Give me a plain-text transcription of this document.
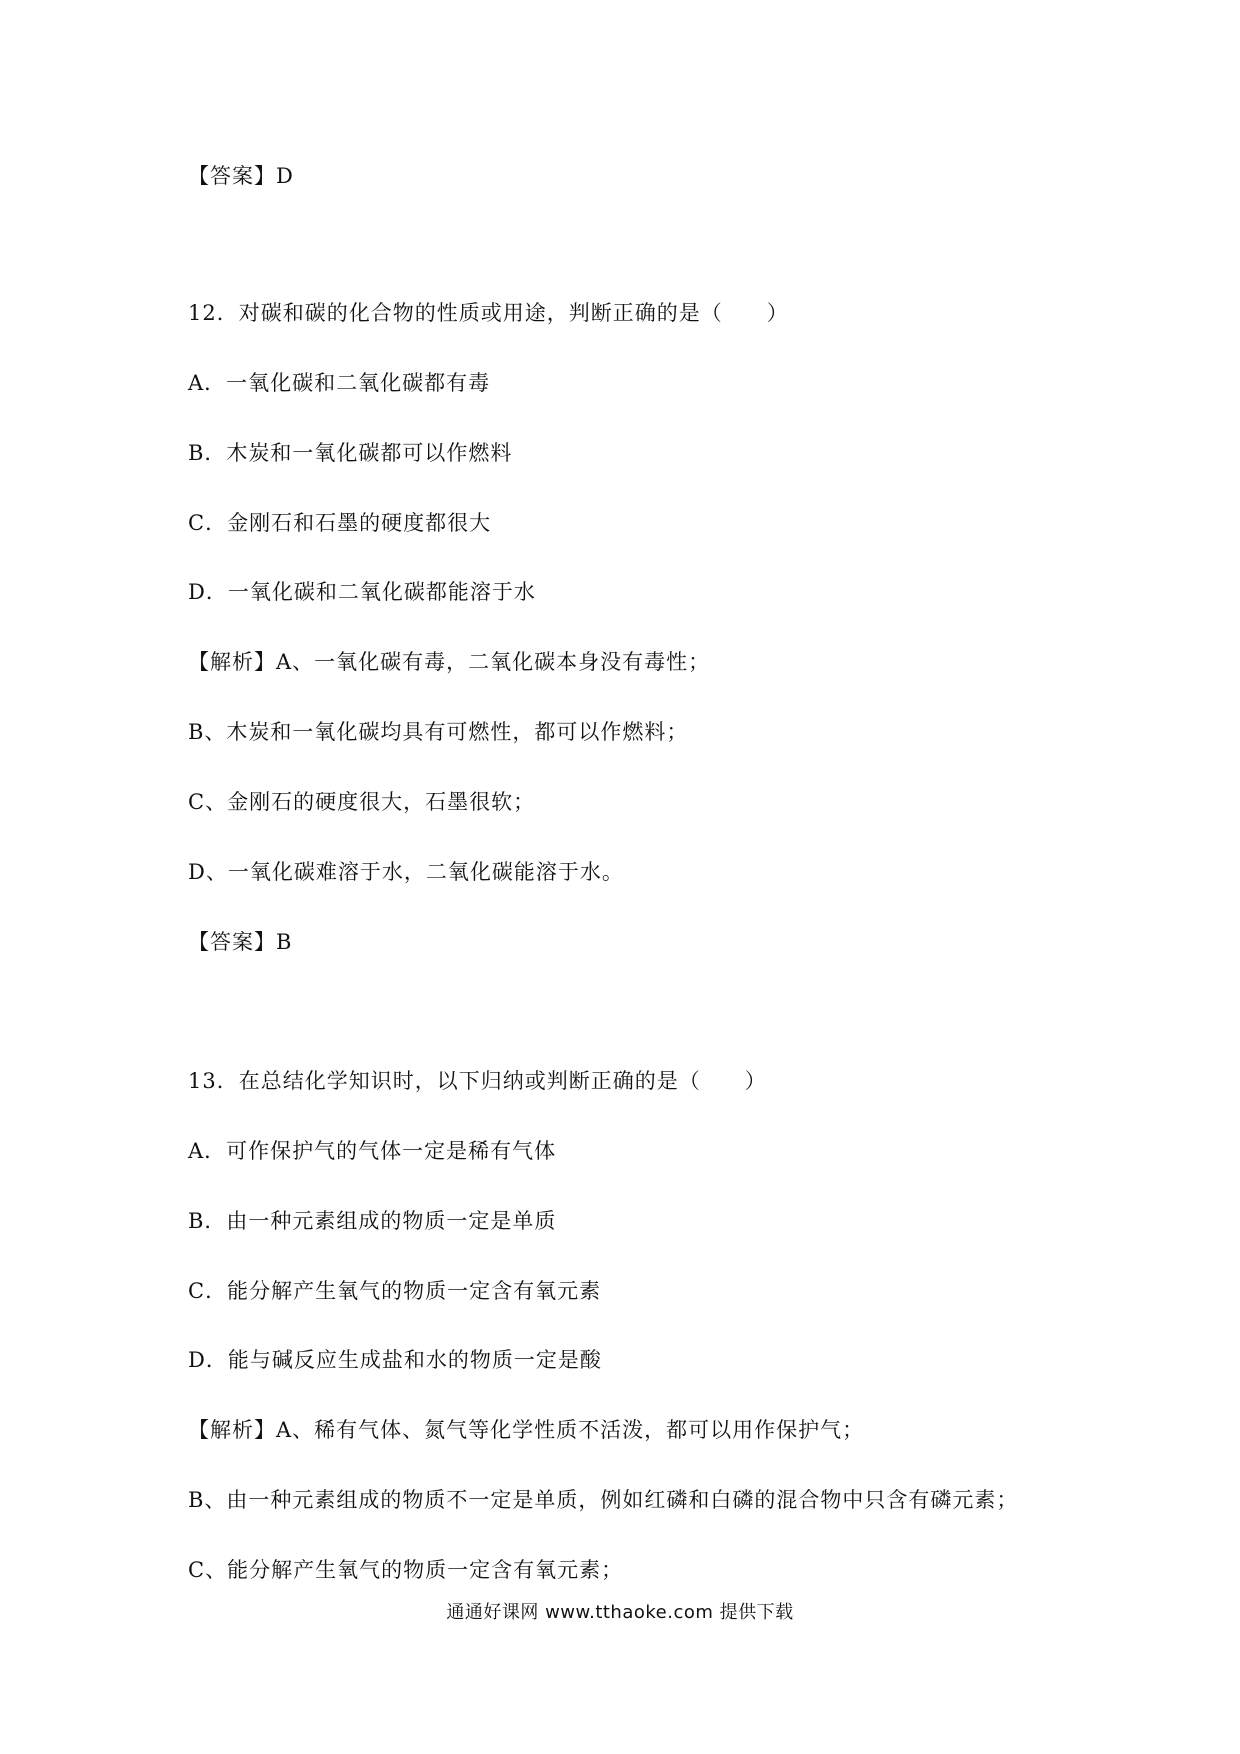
【答案】D
12．对碳和碳的化合物的性质或用途，判断正确的是（　　）
A．一氧化碳和二氧化碳都有毒
B．木炭和一氧化碳都可以作燃料
C．金刚石和石墨的硬度都很大
D．一氧化碳和二氧化碳都能溶于水
【解析】A、一氧化碳有毒，二氧化碳本身没有毒性；
B、木炭和一氧化碳均具有可燃性，都可以作燃料；
C、金刚石的硬度很大，石墨很软；
D、一氧化碳难溶于水，二氧化碳能溶于水。
【答案】B
13．在总结化学知识时，以下归纳或判断正确的是（　　）
A．可作保护气的气体一定是稀有气体
B．由一种元素组成的物质一定是单质
C．能分解产生氧气的物质一定含有氧元素
D．能与碱反应生成盐和水的物质一定是酸
【解析】A、稀有气体、氮气等化学性质不活泼，都可以用作保护气；
B、由一种元素组成的物质不一定是单质，例如红磷和白磷的混合物中只含有磷元素；
C、能分解产生氧气的物质一定含有氧元素；
通通好课网 www.tthaoke.com 提供下载
